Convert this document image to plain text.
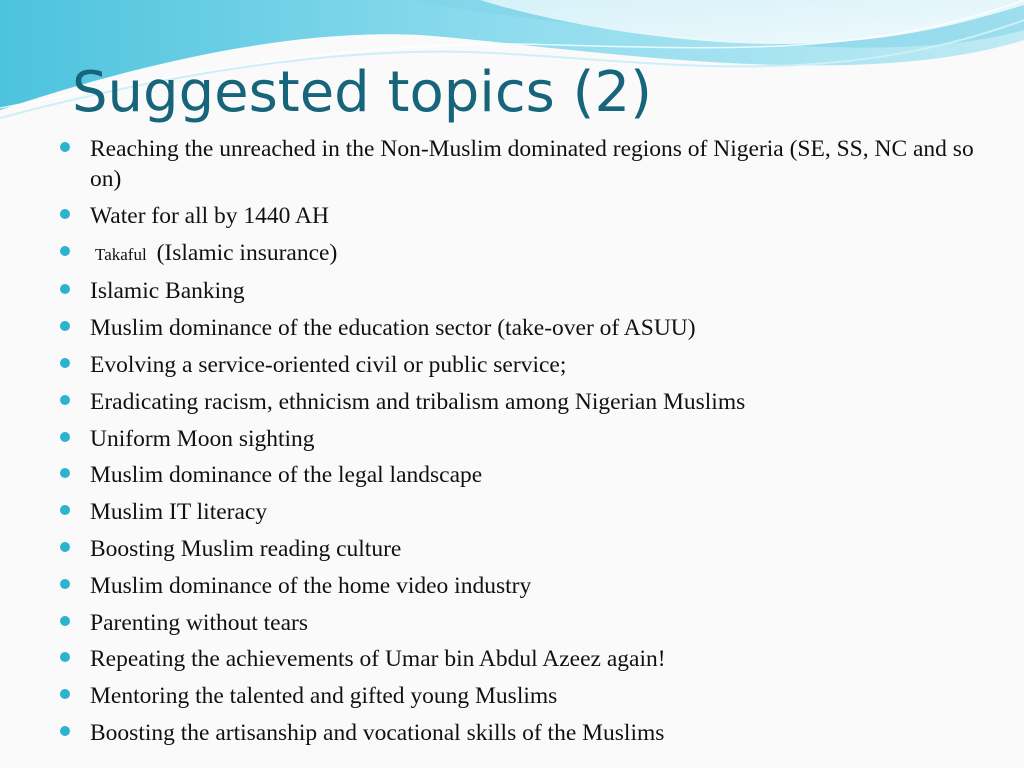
Suggested topics (2)
Reaching the unreached in the Non-Muslim dominated regions of Nigeria (SE, SS, NC and so on)
Water for all by 1440 AH
Takaful (Islamic insurance)
Islamic Banking
Muslim dominance of the education sector (take-over of ASUU)
Evolving a service-oriented civil or public service;
Eradicating racism, ethnicism and tribalism among Nigerian Muslims
Uniform Moon sighting
Muslim dominance of the legal landscape
Muslim IT literacy
Boosting Muslim reading culture
Muslim dominance of the home video industry
Parenting without tears
Repeating the achievements of Umar bin Abdul Azeez again!
Mentoring the talented and gifted young Muslims
Boosting the artisanship and vocational skills of the Muslims
